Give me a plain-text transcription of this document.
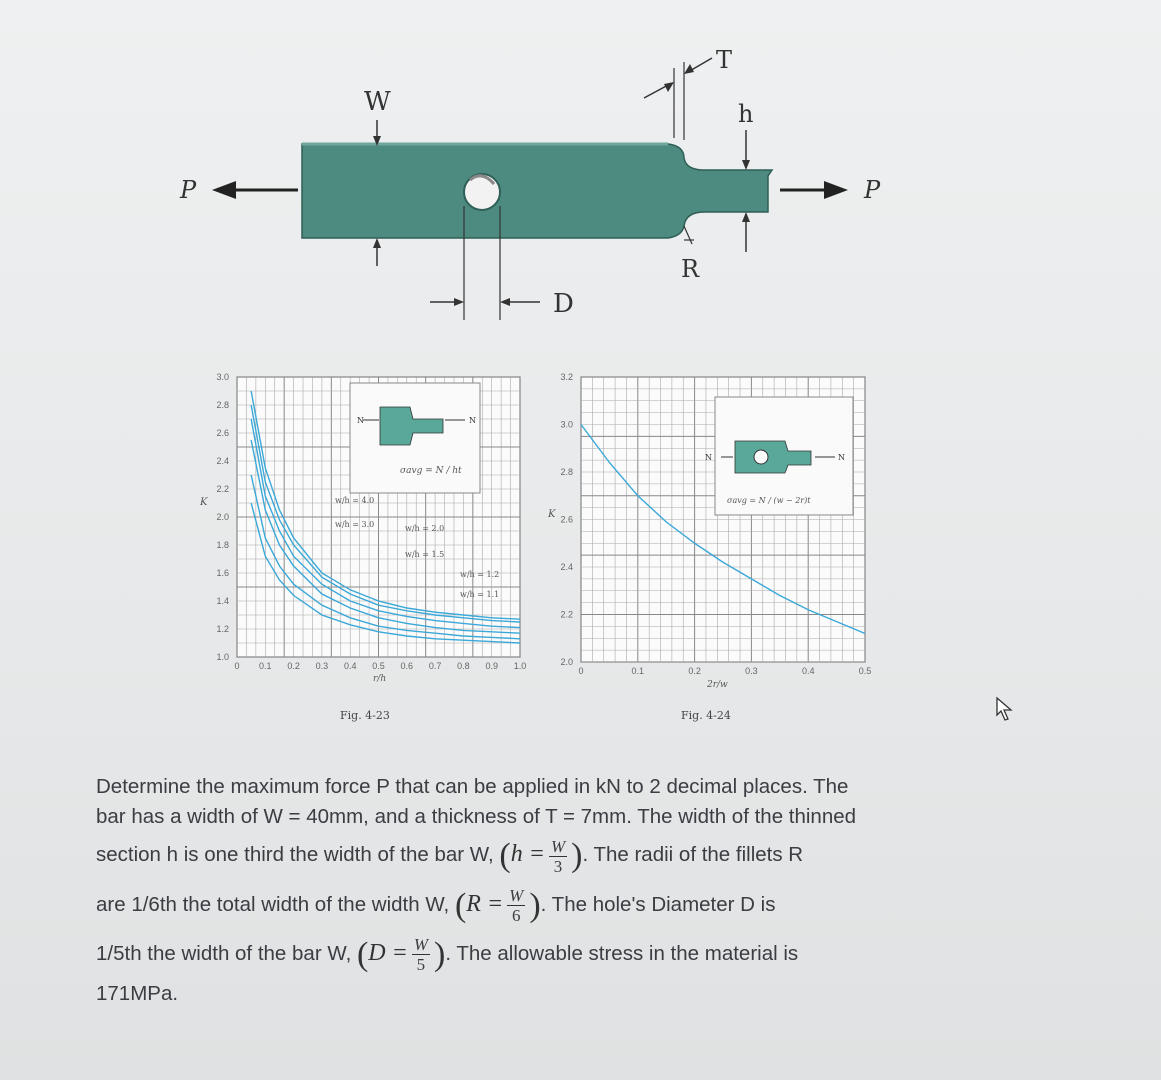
P	P
W
D
T
h
R
3.0
2.8
2.6
2.4
2.2
2.0
1.8
1.6
1.4
1.2
1.0
0 0.1 0.2 0.3 0.4 0.5 0.6 0.7 0.8 0.9 1.0
N	N
σavg = N / ht
K
r/h
Fig. 4-23
w/h = 4.0
w/h = 3.0	w/h = 2.0
w/h = 1.5
w/h = 1.2
w/h = 1.1
3.2
3.0
2.8
2.6
2.4
2.2
2.0
0	0.1	0.2	0.3	0.4	0.5
N	N
σavg = N / (w − 2r)t
K
2r/w
Fig. 4-24

Determine the maximum force P that can be applied in kN to 2 decimal places. The

bar has a width of W = 40mm, and a thickness of T = 7mm. The width of the thinned

section h is one third the width of the bar W, ($h = \frac{W}{3}$ ). The radii of the fillets R

are 1/6th the total width of the width W, ($R = \frac{W}{6}$ ). The hole's Diameter D is

1/5th the width of the bar W, ($D = \frac{W}{5}$ ). The allowable stress in the material is

171MPa.
